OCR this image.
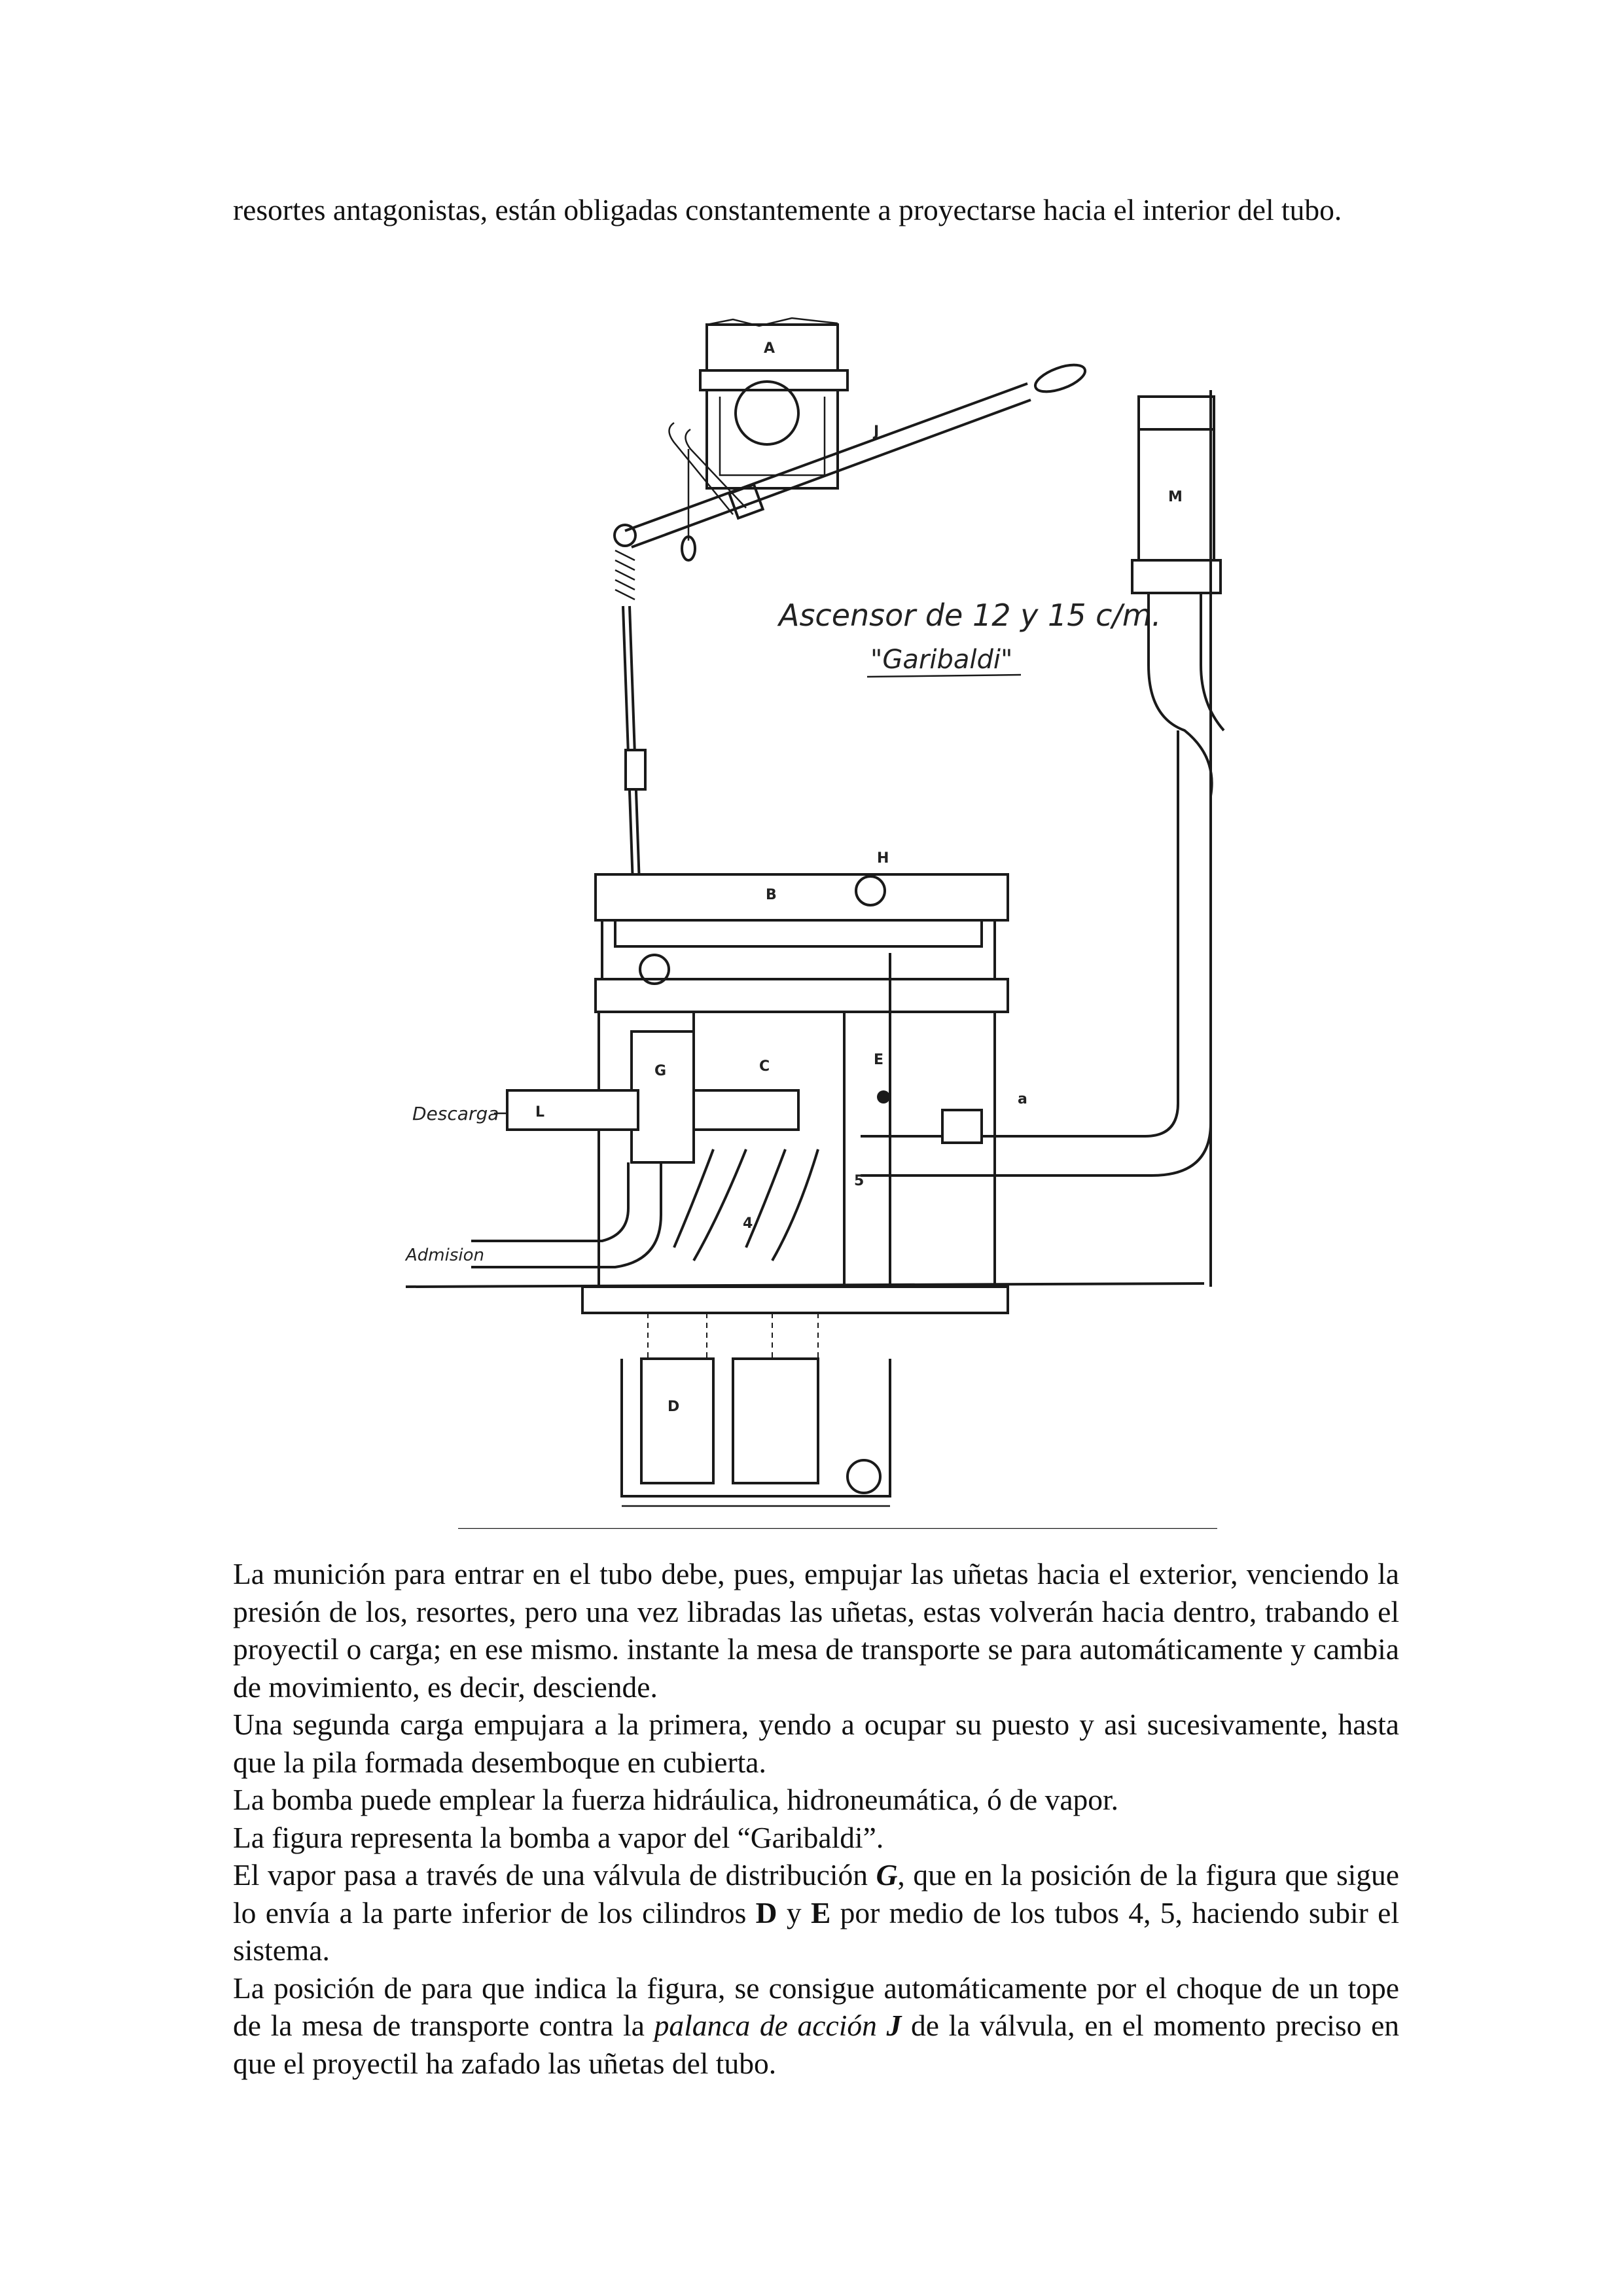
resortes antagonistas, están obligadas constantemente a proyectarse hacia el interior del tubo.

A
J
Ascensor de 12 y 15 c/m.
"Garibaldi"
M
B
H
C	E
5
G
L
Descarga
Admision
4
a
D

La munición para entrar en el tubo debe, pues, empujar las uñetas hacia el exterior, venciendo la presión de los, resortes, pero una vez libradas las uñetas, estas volverán hacia dentro, trabando el proyectil o carga; en ese mismo. instante la mesa de transporte se para automáticamente y cambia de movimiento, es decir, desciende.

Una segunda carga empujara a la primera, yendo a ocupar su puesto y asi sucesivamente, hasta que la pila formada desemboque en cubierta.

La bomba puede emplear la fuerza hidráulica, hidroneumática, ó de vapor.

La figura representa la bomba a vapor del “Garibaldi”.

El vapor pasa a través de una válvula de distribución G, que en la posición de la figura que sigue lo envía a la parte inferior de los cilindros D y E por medio de los tubos 4, 5, haciendo subir el sistema.

La posición de para que indica la figura, se consigue automáticamente por el choque de un tope de la mesa de transporte contra la palanca de acción J de la válvula, en el momento preciso en que el proyectil ha zafado las uñetas del tubo.
